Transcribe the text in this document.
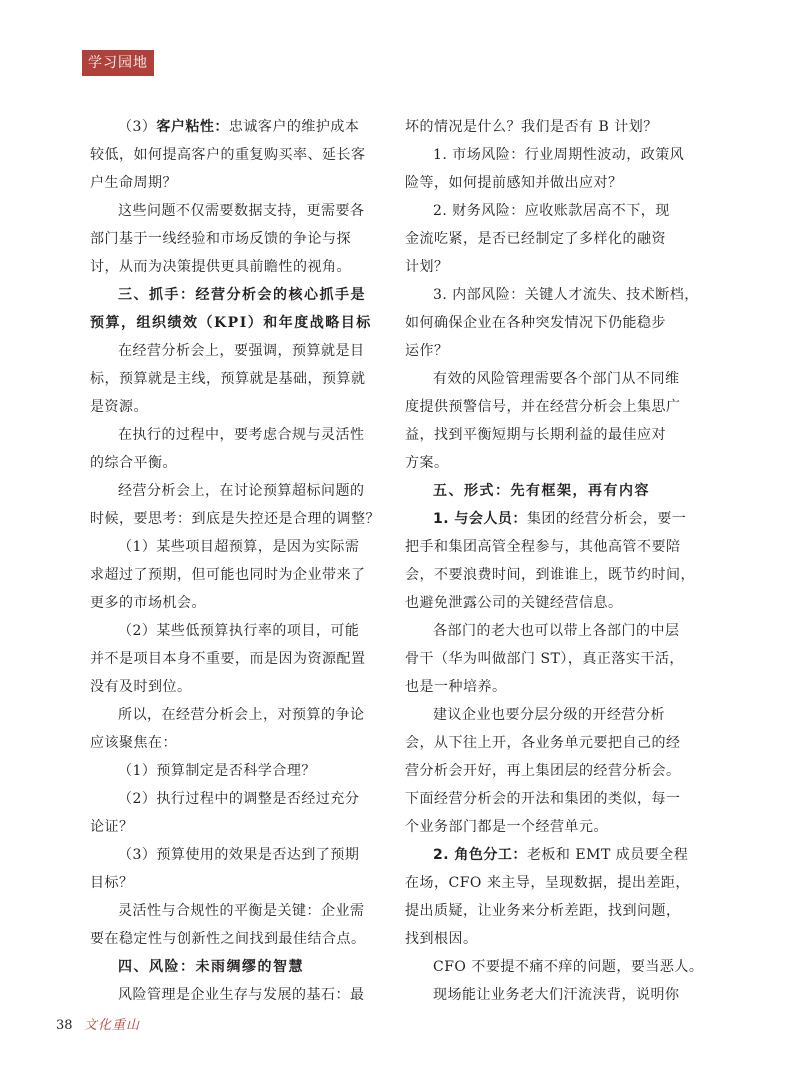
学习园地
（3）客户粘性：忠诚客户的维护成本
较低，如何提高客户的重复购买率、延长客
户生命周期？
这些问题不仅需要数据支持，更需要各
部门基于一线经验和市场反馈的争论与探
讨，从而为决策提供更具前瞻性的视角。
三、抓手：经营分析会的核心抓手是
预算，组织绩效（KPI）和年度战略目标
在经营分析会上，要强调，预算就是目
标，预算就是主线，预算就是基础，预算就
是资源。
在执行的过程中，要考虑合规与灵活性
的综合平衡。
经营分析会上，在讨论预算超标问题的
时候，要思考：到底是失控还是合理的调整？
（1）某些项目超预算，是因为实际需
求超过了预期，但可能也同时为企业带来了
更多的市场机会。
（2）某些低预算执行率的项目，可能
并不是项目本身不重要，而是因为资源配置
没有及时到位。
所以，在经营分析会上，对预算的争论
应该聚焦在：
（1）预算制定是否科学合理？
（2）执行过程中的调整是否经过充分
论证？
（3）预算使用的效果是否达到了预期
目标？
灵活性与合规性的平衡是关键：企业需
要在稳定性与创新性之间找到最佳结合点。
四、风险：未雨绸缪的智慧
风险管理是企业生存与发展的基石：最
坏的情况是什么？我们是否有 B 计划？
1. 市场风险：行业周期性波动，政策风
险等，如何提前感知并做出应对？
2. 财务风险：应收账款居高不下，现
金流吃紧，是否已经制定了多样化的融资
计划？
3. 内部风险：关键人才流失、技术断档，
如何确保企业在各种突发情况下仍能稳步
运作？
有效的风险管理需要各个部门从不同维
度提供预警信号，并在经营分析会上集思广
益，找到平衡短期与长期利益的最佳应对
方案。
五、形式：先有框架，再有内容
1. 与会人员：集团的经营分析会，要一
把手和集团高管全程参与，其他高管不要陪
会，不要浪费时间，到谁谁上，既节约时间，
也避免泄露公司的关键经营信息。
各部门的老大也可以带上各部门的中层
骨干（华为叫做部门 ST），真正落实干活，
也是一种培养。
建议企业也要分层分级的开经营分析
会，从下往上开，各业务单元要把自己的经
营分析会开好，再上集团层的经营分析会。
下面经营分析会的开法和集团的类似，每一
个业务部门都是一个经营单元。
2. 角色分工：老板和 EMT 成员要全程
在场，CFO 来主导，呈现数据，提出差距，
提出质疑，让业务来分析差距，找到问题，
找到根因。
CFO 不要提不痛不痒的问题，要当恶人。
现场能让业务老大们汗流浃背，说明你
38 文化重山
